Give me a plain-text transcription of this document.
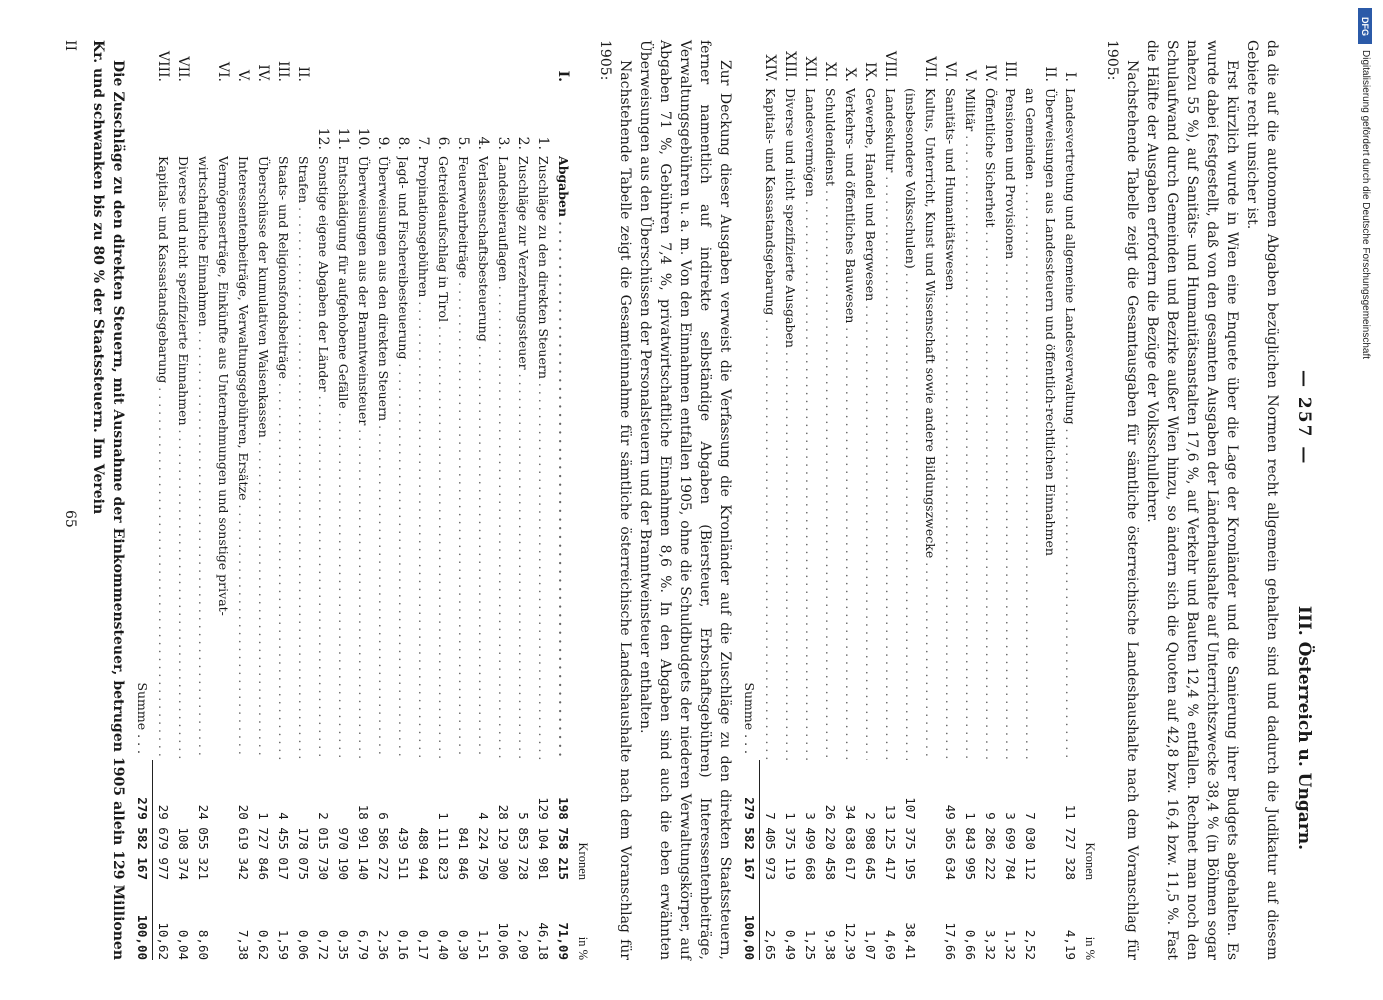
— 257 —
III. Österreich u. Ungarn.

da die auf die autonomen Abgaben bezüglichen Normen recht allgemein gehalten sind und dadurch die Judikatur auf diesem Gebiete recht unsicher ist.

Erst kürzlich wurde in Wien eine Enquete über die Lage der Kronländer und die Sanierung ihrer Budgets abgehalten. Es wurde dabei festgestellt, daß von den gesamten Ausgaben der Länderhaushalte auf Unterrichtszwecke 38,4 % (in Böhmen sogar nahezu 55 %), auf Sanitäts- und Humanitätsanstalten 17,6 %, auf Verkehr und Bauten 12,4 % entfallen. Rechnet man noch den Schulaufwand durch Gemeinden und Bezirke außer Wien hinzu, so ändern sich die Quoten auf 42,8 bzw. 16,4 bzw. 11,5 %. Fast die Hälfte der Ausgaben erfordern die Bezüge der Volksschullehrer.

Nachstehende Tabelle zeigt die Gesamtausgaben für sämtliche österreichische Landeshaushalte nach dem Voranschlag für 1905:

Kronen
in %
I.
Landesvertretung und allgemeine Landesverwaltung . . .
11 727 328
4,19
II.
Überweisungen aus Landessteuern und öffentlich-rechtlichen Einnahmen
an Gemeinden . . .
7 030 112
2,52
III.
Pensionen und Provisionen . . .
3 699 784
1,32
IV.
Öffentliche Sicherheit . . .
9 286 222
3,32
V.
Militär . . .
1 843 995
0,66
VI.
Sanitäts- und Humanitätswesen . . .
49 365 634
17,66
VII.
Kultus, Unterricht, Kunst und Wissenschaft sowie andere Bildungszwecke . . .
(insbesondere Volksschulen) . . .
107 375 195
38,41
VIII.
Landeskultur . . .
13 125 417
4,69
IX.
Gewerbe, Handel und Bergwesen . . .
2 988 645
1,07
X.
Verkehrs- und öffentliches Bauwesen . . .
34 638 617
12,39
XI.
Schuldendienst . . .
26 220 458
9,38
XII.
Landesvermögen . . .
3 499 668
1,25
XIII.
Diverse und nicht spezifizierte Ausgaben . . .
1 375 119
0,49
XIV.
Kapitals- und Kassastandsgebarung . . .
7 405 973
2,65
Summe . . .
279 582 167
100,00

Zur Deckung dieser Ausgaben verweist die Verfassung die Kronländer auf die Zuschläge zu den direkten Staatssteuern, ferner namentlich auf indirekte selbständige Abgaben (Biersteuer, Erbschaftsgebühren) Interessentenbeiträge, Verwaltungsgebühren u. a. m. Von den Einnahmen entfallen 1905, ohne die Schuldbudgets der niederen Verwaltungskörper, auf Abgaben 71 %, Gebühren 7,4 %, privatwirtschaftliche Einnahmen 8,6 %. In den Abgaben sind auch die eben erwähnten Überweisungen aus den Überschüssen der Personalsteuern und der Branntweinsteuer enthalten.

Nachstehende Tabelle zeigt die Gesamteinnahme für sämtliche österreichische Landeshaushalte nach dem Voranschlag für 1905:

Kronen
in %
I.
Abgaben . . .
198 758 215
71,09
1.
Zuschläge zu den direkten Steuern . . .
129 104 981
46,18
2.
Zuschläge zur Verzehrungssteuer . . .
5 853 728
2,09
3.
Landesbierauflagen . . .
28 129 300
10,06
4.
Verlassenschaftsbesteuerung . . .
4 224 750
1,51
5.
Feuerwehrbeiträge . . .
841 846
0,30
6.
Getreideaufschlag in Tirol . . .
1 111 823
0,40
7.
Propinationsgebühren . . .
488 944
0,17
8.
Jagd- und Fischereibesteuerung . . .
439 511
0,16
9.
Überweisungen aus den direkten Steuern . . .
6 586 272
2,36
10.
Überweisungen aus der Branntweinsteuer . . .
18 991 140
6,79
11.
Entschädigung für aufgehobene Gefälle . . .
970 190
0,35
12.
Sonstige eigene Abgaben der Länder . . .
2 015 730
0,72
II.
Strafen . . .
178 075
0,06
III.
Staats- und Religionsfondsbeiträge . . .
4 455 017
1,59
IV.
Überschüsse der kumulativen Waisenkassen . . .
1 727 846
0,62
V.
Interessentenbeiträge, Verwaltungsgebühren, Ersätze . . .
20 619 342
7,38
VI.
Vermögenserträge, Einkünfte aus Unternehmungen und sonstige privat-
wirtschaftliche Einnahmen . . .
24 055 321
8,60
VII.
Diverse und nicht spezifizierte Einnahmen . . .
108 374
0,04
VIII.
Kapitals- und Kassastandsgebarung . . .
29 679 977
10,62
Summe . . .
279 582 167
100,00

Die Zuschläge zu den direkten Steuern, mit Ausnahme der Einkommensteuer, betrugen 1905 allein 129 Millionen Kr. und schwanken bis zu 80 % der Staatssteuern. Im Verein

II
65
DFG
Digitalisierung gefördert durch die Deutsche Forschungsgemeinschaft
